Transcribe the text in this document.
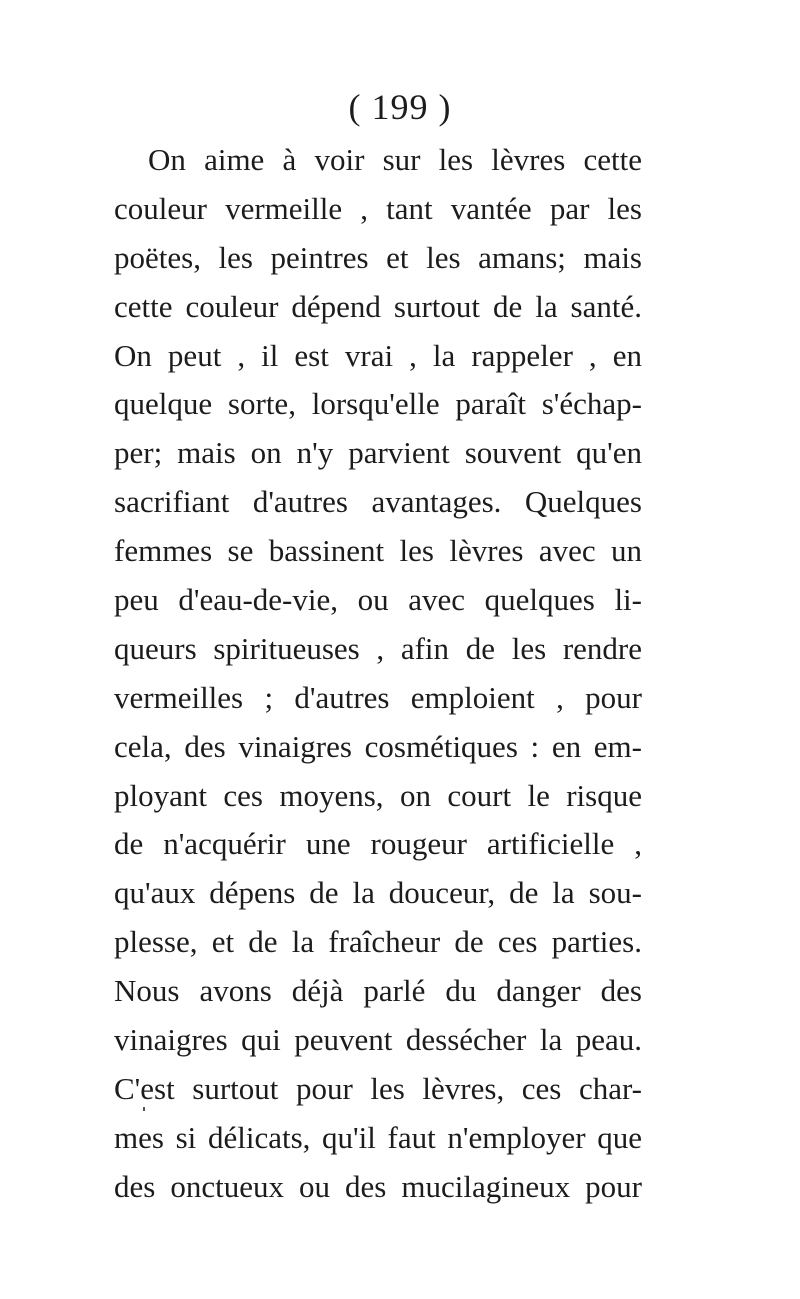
( 199 )
On aime à voir sur les lèvres cette
couleur vermeille , tant vantée par les
poëtes, les peintres et les amans; mais
cette couleur dépend surtout de la santé.
On peut , il est vrai , la rappeler , en
quelque sorte, lorsqu'elle paraît s'échap-
per; mais on n'y parvient souvent qu'en
sacrifiant d'autres avantages. Quelques
femmes se bassinent les lèvres avec un
peu d'eau-de-vie, ou avec quelques li-
queurs spiritueuses , afin de les rendre
vermeilles ; d'autres emploient , pour
cela, des vinaigres cosmétiques : en em-
ployant ces moyens, on court le risque
de n'acquérir une rougeur artificielle ,
qu'aux dépens de la douceur, de la sou-
plesse, et de la fraîcheur de ces parties.
Nous avons déjà parlé du danger des
vinaigres qui peuvent dessécher la peau.
C'est surtout pour les lèvres, ces char-
mes si délicats, qu'il faut n'employer que
des onctueux ou des mucilagineux pour
